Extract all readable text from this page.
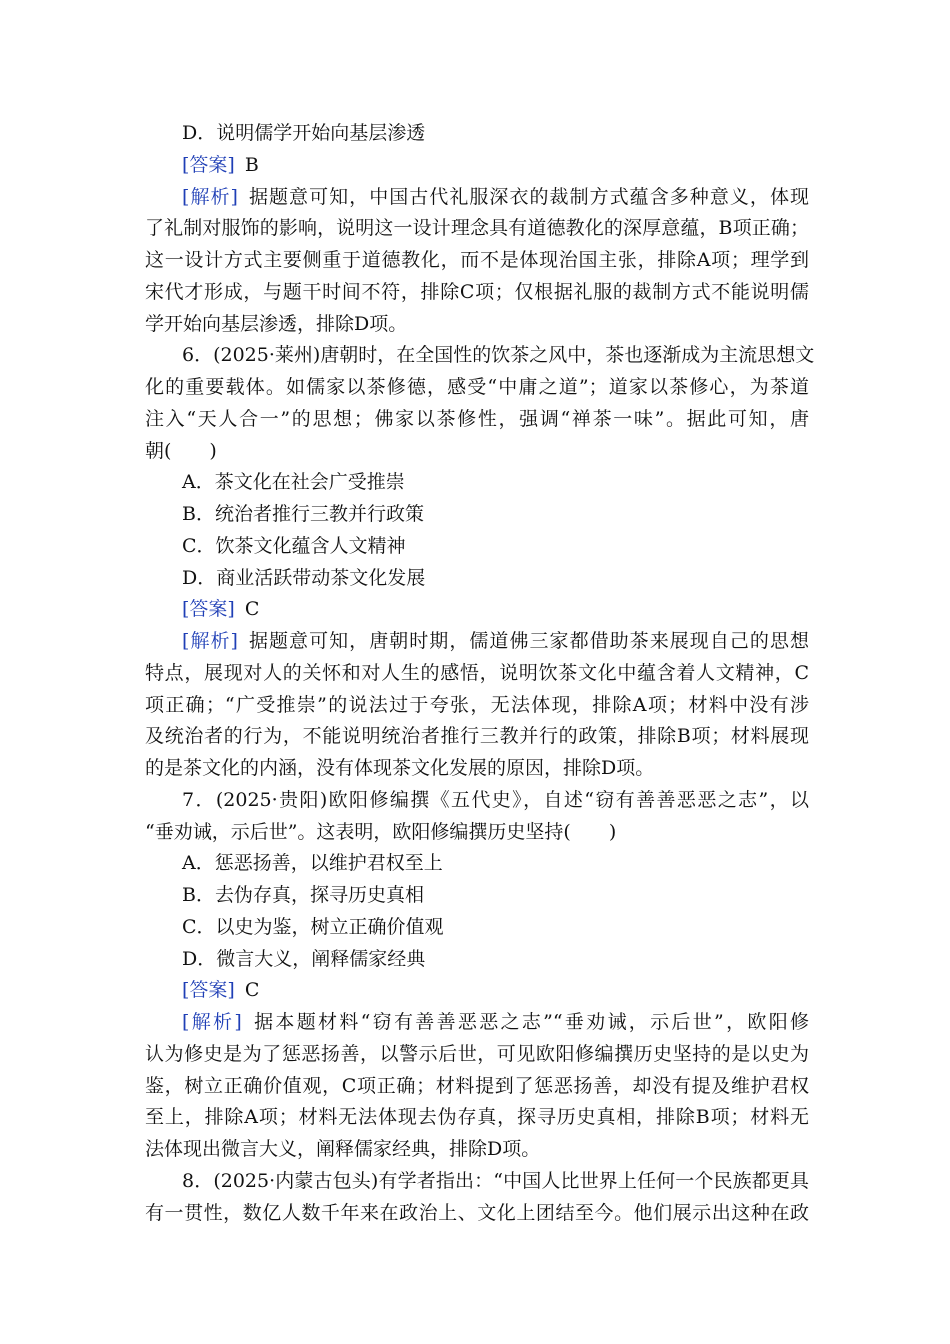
D．说明儒学开始向基层渗透
[答案] B
[解析] 据题意可知，中国古代礼服深衣的裁制方式蕴含多种意义，体现
了礼制对服饰的影响，说明这一设计理念具有道德教化的深厚意蕴，B项正确；
这一设计方式主要侧重于道德教化，而不是体现治国主张，排除A项；理学到
宋代才形成，与题干时间不符，排除C项；仅根据礼服的裁制方式不能说明儒
学开始向基层渗透，排除D项。
6．(2025·莱州)唐朝时，在全国性的饮茶之风中，茶也逐渐成为主流思想文
化的重要载体。如儒家以茶修德，感受“中庸之道”；道家以茶修心，为茶道
注入“天人合一”的思想；佛家以茶修性，强调“禅茶一味”。据此可知，唐
朝(　　)
A．茶文化在社会广受推崇
B．统治者推行三教并行政策
C．饮茶文化蕴含人文精神
D．商业活跃带动茶文化发展
[答案] C
[解析] 据题意可知，唐朝时期，儒道佛三家都借助茶来展现自己的思想
特点，展现对人的关怀和对人生的感悟，说明饮茶文化中蕴含着人文精神，C
项正确；“广受推崇”的说法过于夸张，无法体现，排除A项；材料中没有涉
及统治者的行为，不能说明统治者推行三教并行的政策，排除B项；材料展现
的是茶文化的内涵，没有体现茶文化发展的原因，排除D项。
7．(2025·贵阳)欧阳修编撰《五代史》，自述“窃有善善恶恶之志”，以
“垂劝诫，示后世”。这表明，欧阳修编撰历史坚持(　　)
A．惩恶扬善，以维护君权至上
B．去伪存真，探寻历史真相
C．以史为鉴，树立正确价值观
D．微言大义，阐释儒家经典
[答案] C
[解析] 据本题材料“窃有善善恶恶之志”“垂劝诫，示后世”，欧阳修
认为修史是为了惩恶扬善，以警示后世，可见欧阳修编撰历史坚持的是以史为
鉴，树立正确价值观，C项正确；材料提到了惩恶扬善，却没有提及维护君权
至上，排除A项；材料无法体现去伪存真，探寻历史真相，排除B项；材料无
法体现出微言大义，阐释儒家经典，排除D项。
8．(2025·内蒙古包头)有学者指出：“中国人比世界上任何一个民族都更具
有一贯性，数亿人数千年来在政治上、文化上团结至今。他们展示出这种在政
